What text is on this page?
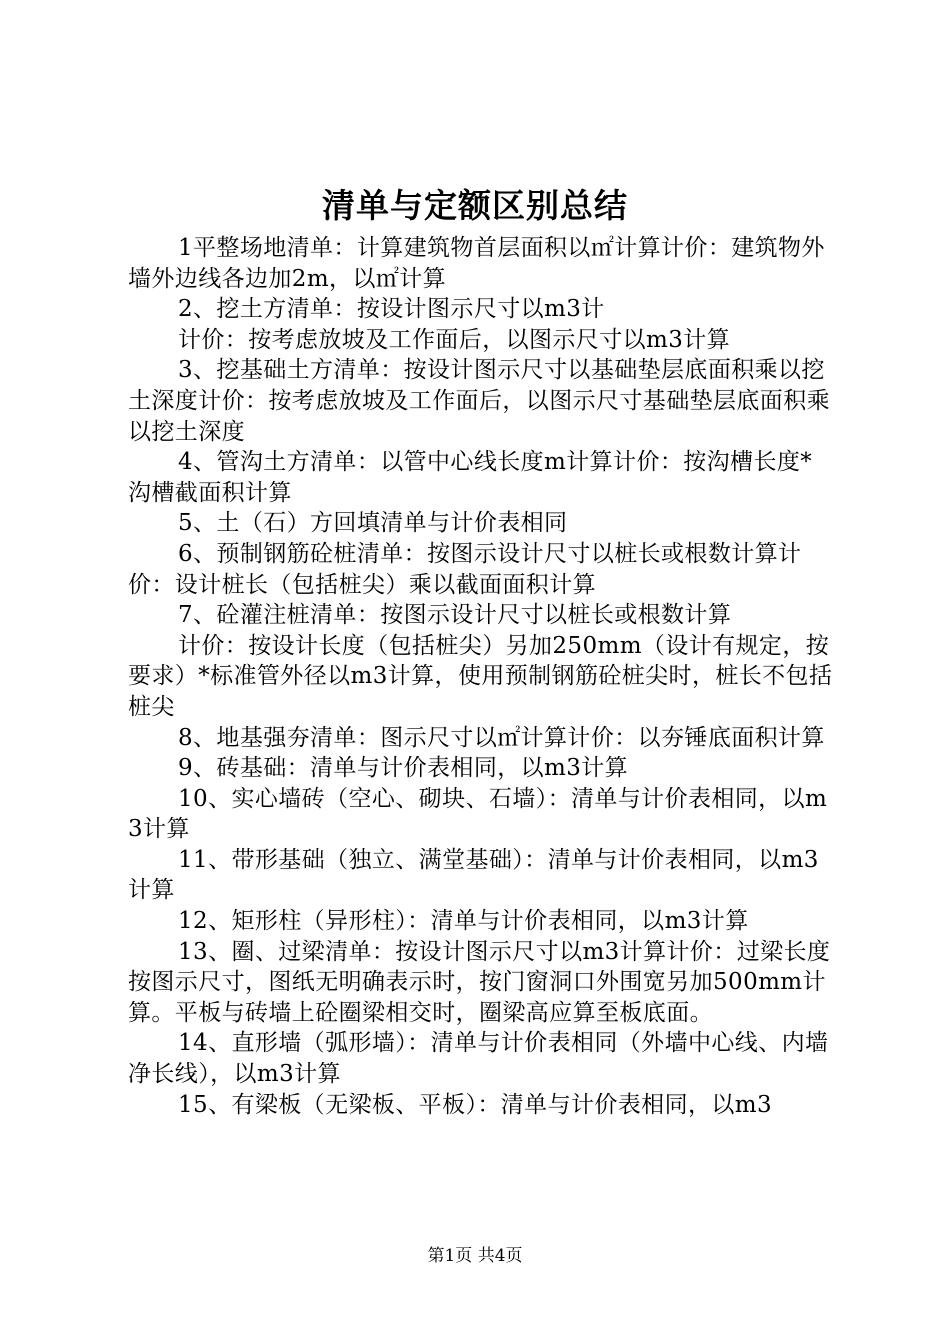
清单与定额区别总结

1平整场地清单：计算建筑物首层面积以㎡计算计价：建筑物外墙外边线各边加2m，以㎡计算

2、挖土方清单：按设计图示尺寸以m3计

计价：按考虑放坡及工作面后，以图示尺寸以m3计算

3、挖基础土方清单：按设计图示尺寸以基础垫层底面积乘以挖土深度计价：按考虑放坡及工作面后，以图示尺寸基础垫层底面积乘以挖土深度

4、管沟土方清单：以管中心线长度m计算计价：按沟槽长度*沟槽截面积计算

5、土（石）方回填清单与计价表相同

6、预制钢筋砼桩清单：按图示设计尺寸以桩长或根数计算计价：设计桩长（包括桩尖）乘以截面面积计算

7、砼灌注桩清单：按图示设计尺寸以桩长或根数计算

计价：按设计长度（包括桩尖）另加250mm（设计有规定，按要求）*标准管外径以m3计算，使用预制钢筋砼桩尖时，桩长不包括桩尖

8、地基强夯清单：图示尺寸以㎡计算计价：以夯锤底面积计算

9、砖基础：清单与计价表相同，以m3计算

10、实心墙砖（空心、砌块、石墙）：清单与计价表相同，以m3计算

11、带形基础（独立、满堂基础）：清单与计价表相同，以m3计算

12、矩形柱（异形柱）：清单与计价表相同，以m3计算

13、圈、过梁清单：按设计图示尺寸以m3计算计价：过梁长度按图示尺寸，图纸无明确表示时，按门窗洞口外围宽另加500mm计算。平板与砖墙上砼圈梁相交时，圈梁高应算至板底面。

14、直形墙（弧形墙）：清单与计价表相同（外墙中心线、内墙净长线），以m3计算

15、有梁板（无梁板、平板）：清单与计价表相同，以m3

第1页 共4页
